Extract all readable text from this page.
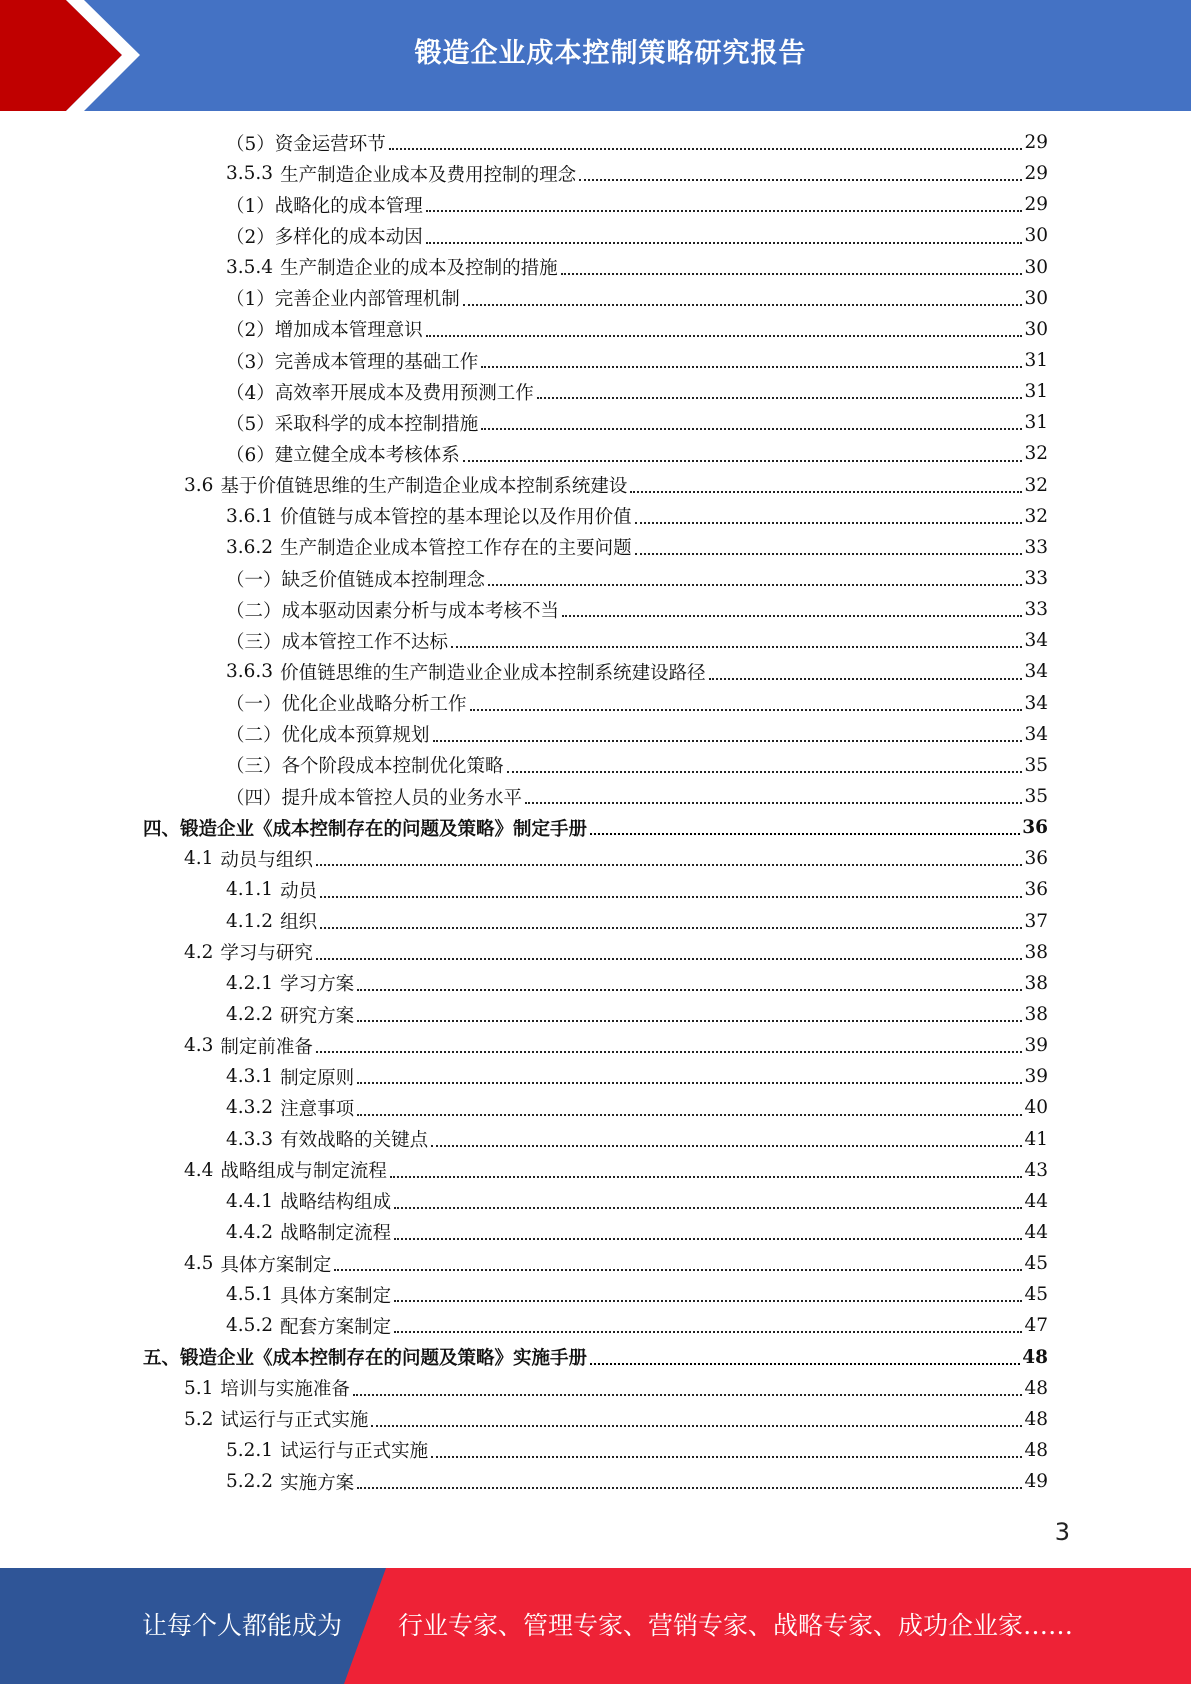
锻造企业成本控制策略研究报告
（5）资金运营环节	29
3.5.3 生产制造企业成本及费用控制的理念	29
（1）战略化的成本管理	29
（2）多样化的成本动因	30
3.5.4 生产制造企业的成本及控制的措施	30
（1）完善企业内部管理机制	30
（2）增加成本管理意识	30
（3）完善成本管理的基础工作	31
（4）高效率开展成本及费用预测工作	31
（5）采取科学的成本控制措施	31
（6）建立健全成本考核体系	32
3.6 基于价值链思维的生产制造企业成本控制系统建设	32
3.6.1 价值链与成本管控的基本理论以及作用价值	32
3.6.2 生产制造企业成本管控工作存在的主要问题	33
（一）缺乏价值链成本控制理念	33
（二）成本驱动因素分析与成本考核不当	33
（三）成本管控工作不达标	34
3.6.3 价值链思维的生产制造业企业成本控制系统建设路径	34
（一）优化企业战略分析工作	34
（二）优化成本预算规划	34
（三）各个阶段成本控制优化策略	35
（四）提升成本管控人员的业务水平	35
四、锻造企业《成本控制存在的问题及策略》制定手册	36
4.1 动员与组织	36
4.1.1 动员	36
4.1.2 组织	37
4.2 学习与研究	38
4.2.1 学习方案	38
4.2.2 研究方案	38
4.3 制定前准备	39
4.3.1 制定原则	39
4.3.2 注意事项	40
4.3.3 有效战略的关键点	41
4.4 战略组成与制定流程	43
4.4.1 战略结构组成	44
4.4.2 战略制定流程	44
4.5 具体方案制定	45
4.5.1 具体方案制定	45
4.5.2 配套方案制定	47
五、锻造企业《成本控制存在的问题及策略》实施手册	48
5.1 培训与实施准备	48
5.2 试运行与正式实施	48
5.2.1 试运行与正式实施	48
5.2.2 实施方案	49
3
让每个人都能成为 行业专家、管理专家、营销专家、战略专家、成功企业家……
